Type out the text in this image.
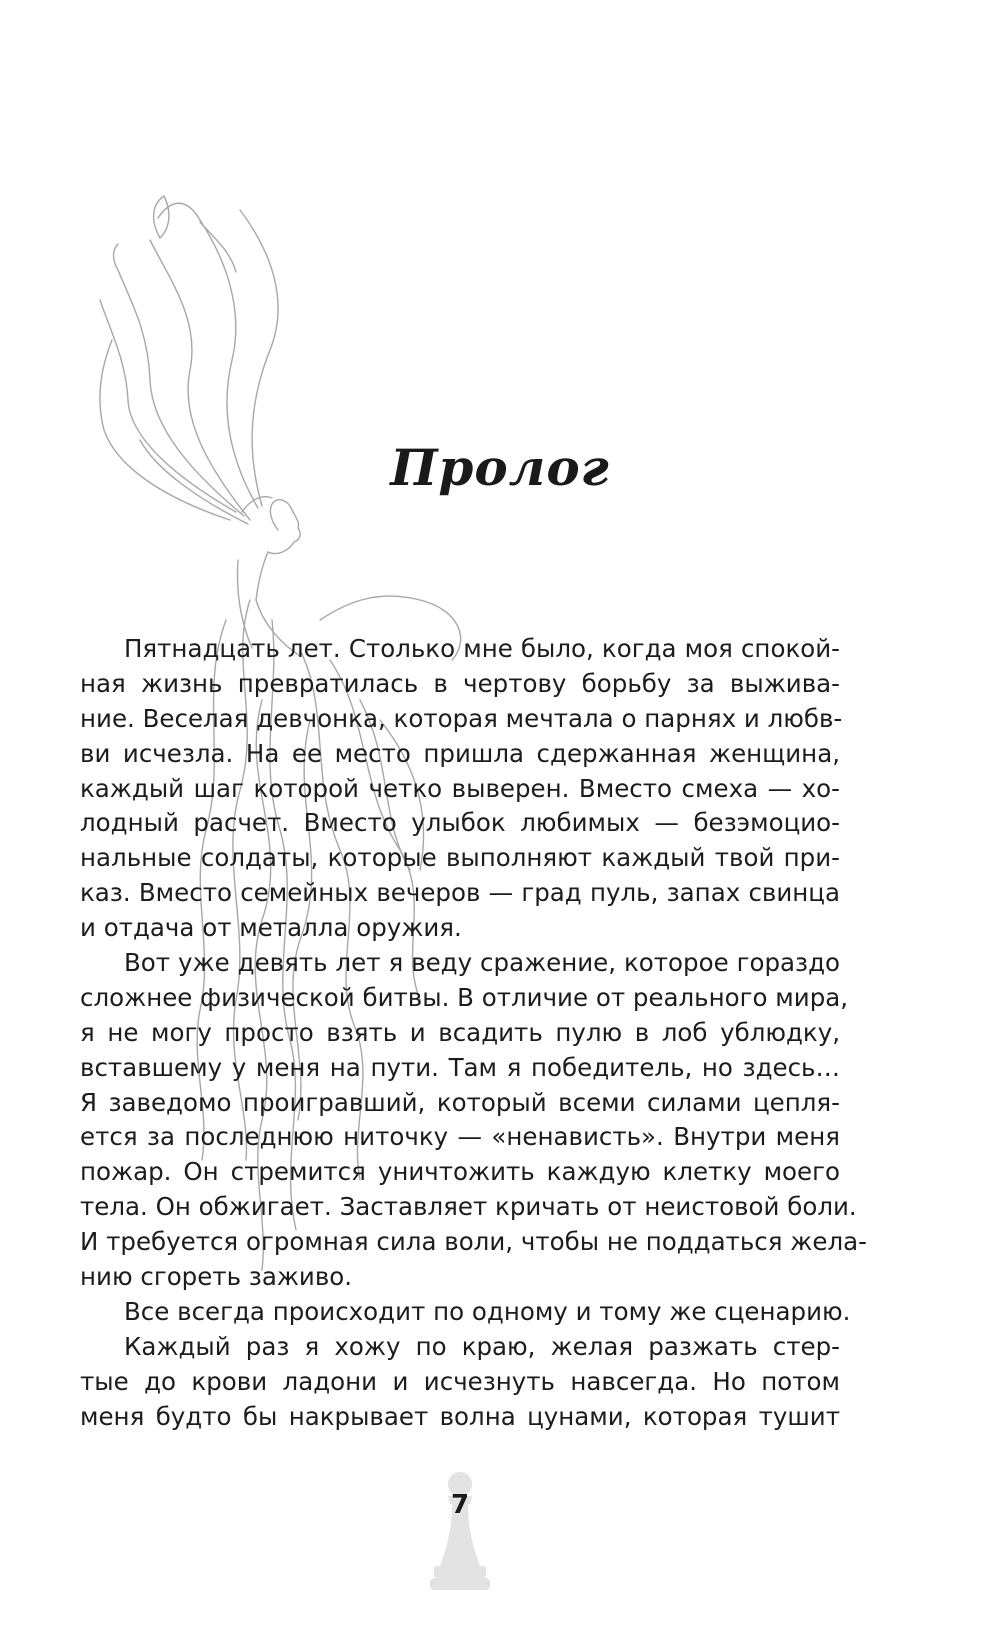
Пролог
Пятнадцать лет. Столько мне было, когда моя спокой-
ная жизнь превратилась в чертову борьбу за выжива-
ние. Веселая девчонка, которая мечтала о парнях и любв-
ви исчезла. На ее место пришла сдержанная женщина,
каждый шаг которой четко выверен. Вместо смеха — хо-
лодный расчет. Вместо улыбок любимых — безэмоцио-
нальные солдаты, которые выполняют каждый твой при-
каз. Вместо семейных вечеров — град пуль, запах свинца
и отдача от металла оружия.
Вот уже девять лет я веду сражение, которое гораздо
сложнее физической битвы. В отличие от реального мира,
я не могу просто взять и всадить пулю в лоб ублюдку,
вставшему у меня на пути. Там я победитель, но здесь…
Я заведомо проигравший, который всеми силами цепля-
ется за последнюю ниточку — «ненависть». Внутри меня
пожар. Он стремится уничтожить каждую клетку моего
тела. Он обжигает. Заставляет кричать от неистовой боли.
И требуется огромная сила воли, чтобы не поддаться жела-
нию сгореть заживо.
Все всегда происходит по одному и тому же сценарию.
Каждый раз я хожу по краю, желая разжать стер-
тые до крови ладони и исчезнуть навсегда. Но потом
меня будто бы накрывает волна цунами, которая тушит
7
